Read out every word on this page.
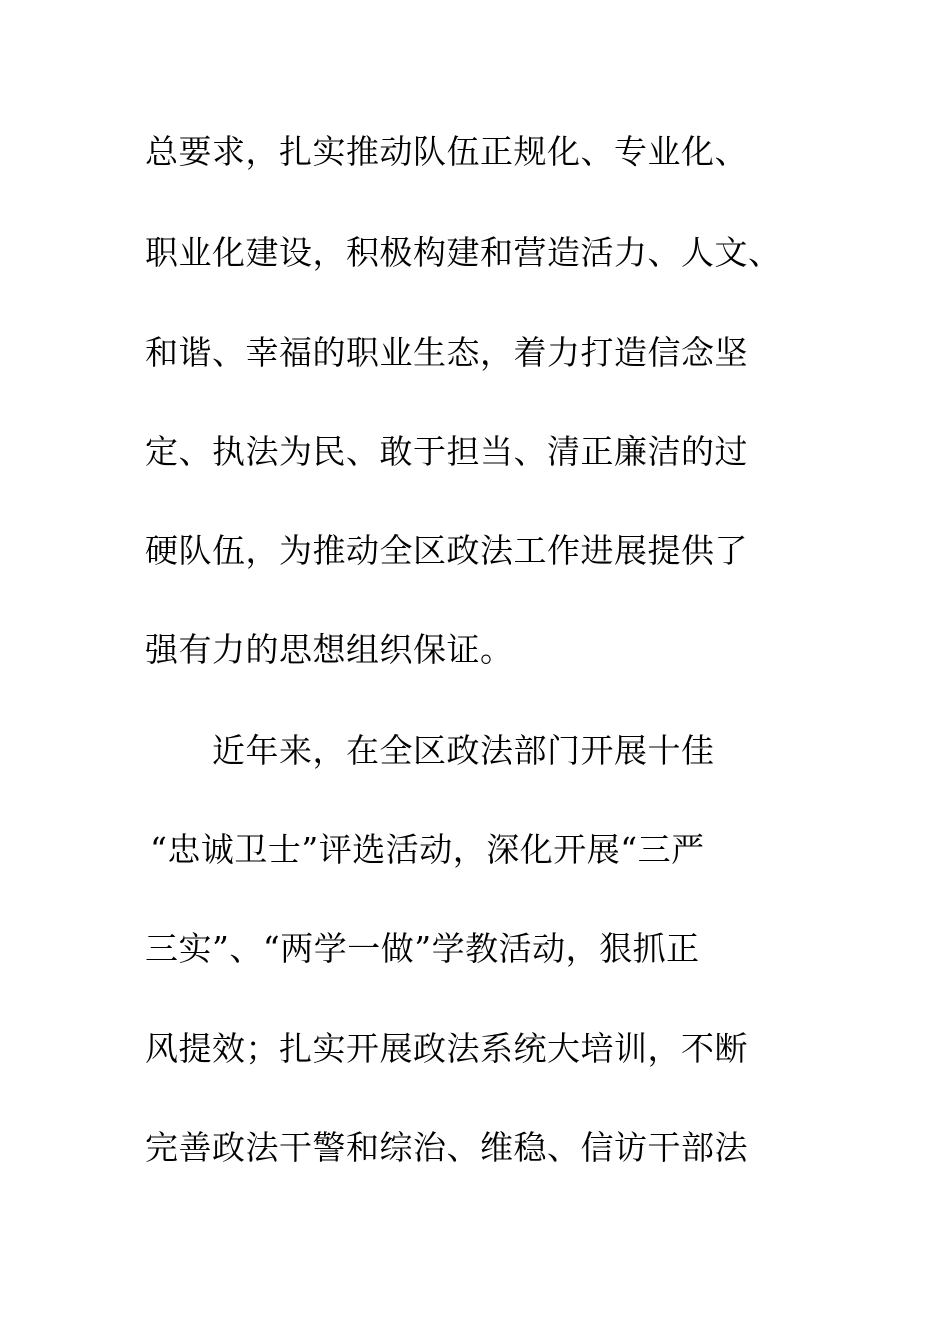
总要求，扎实推动队伍正规化、专业化、
职业化建设，积极构建和营造活力、人文、
和谐、幸福的职业生态，着力打造信念坚
定、执法为民、敢于担当、清正廉洁的过
硬队伍，为推动全区政法工作进展提供了
强有力的思想组织保证。
近年来，在全区政法部门开展十佳
“忠诚卫士”评选活动，深化开展“三严
三实”、“两学一做”学教活动，狠抓正
风提效；扎实开展政法系统大培训，不断
完善政法干警和综治、维稳、信访干部法
